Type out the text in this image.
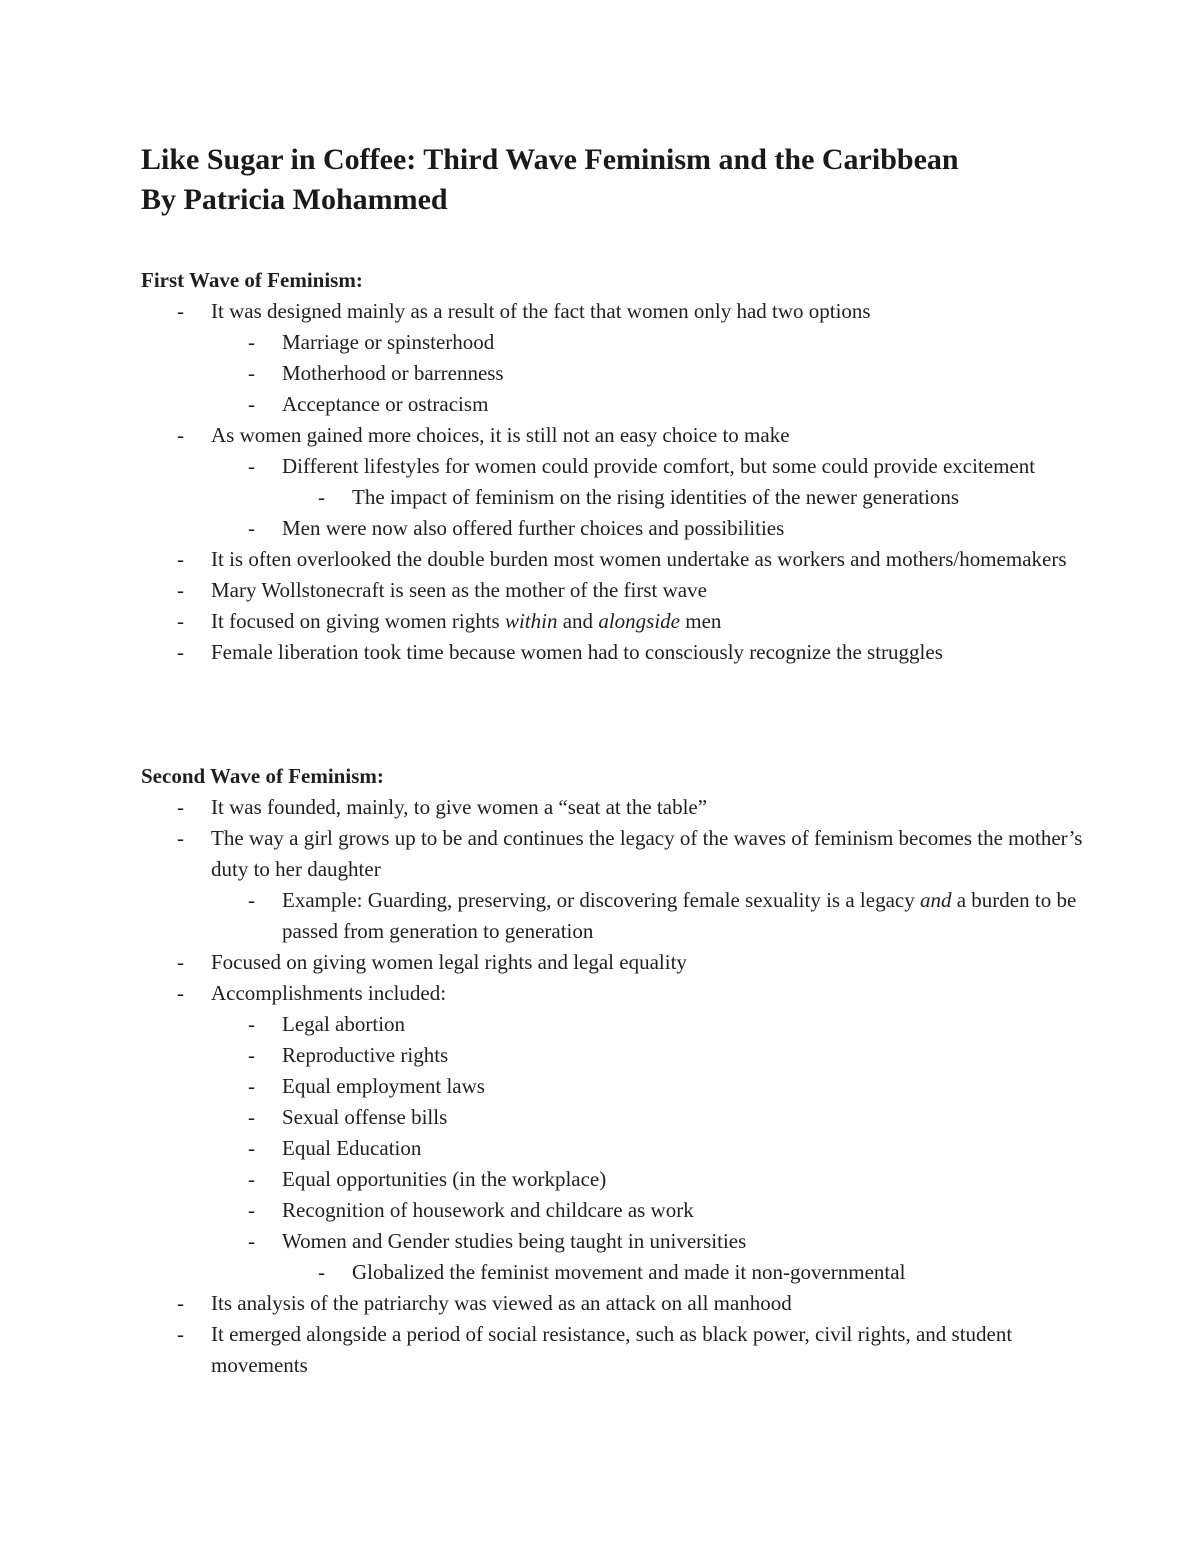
Like Sugar in Coffee: Third Wave Feminism and the Caribbean
By Patricia Mohammed
First Wave of Feminism:
-	It was designed mainly as a result of the fact that women only had two options
-	Marriage or spinsterhood
-	Motherhood or barrenness
-	Acceptance or ostracism
-	As women gained more choices, it is still not an easy choice to make
-	Different lifestyles for women could provide comfort, but some could provide excitement
-	The impact of feminism on the rising identities of the newer generations
-	Men were now also offered further choices and possibilities
-	It is often overlooked the double burden most women undertake as workers and mothers/homemakers
-	Mary Wollstonecraft is seen as the mother of the first wave
-	It focused on giving women rights within and alongside men
-	Female liberation took time because women had to consciously recognize the struggles
Second Wave of Feminism:
-	It was founded, mainly, to give women a “seat at the table”
-	The way a girl grows up to be and continues the legacy of the waves of feminism becomes the mother’s duty to her daughter
-	Example: Guarding, preserving, or discovering female sexuality is a legacy and a burden to be passed from generation to generation
-	Focused on giving women legal rights and legal equality
-	Accomplishments included:
-	Legal abortion
-	Reproductive rights
-	Equal employment laws
-	Sexual offense bills
-	Equal Education
-	Equal opportunities (in the workplace)
-	Recognition of housework and childcare as work
-	Women and Gender studies being taught in universities
-	Globalized the feminist movement and made it non-governmental
-	Its analysis of the patriarchy was viewed as an attack on all manhood
-	It emerged alongside a period of social resistance, such as black power, civil rights, and student movements
